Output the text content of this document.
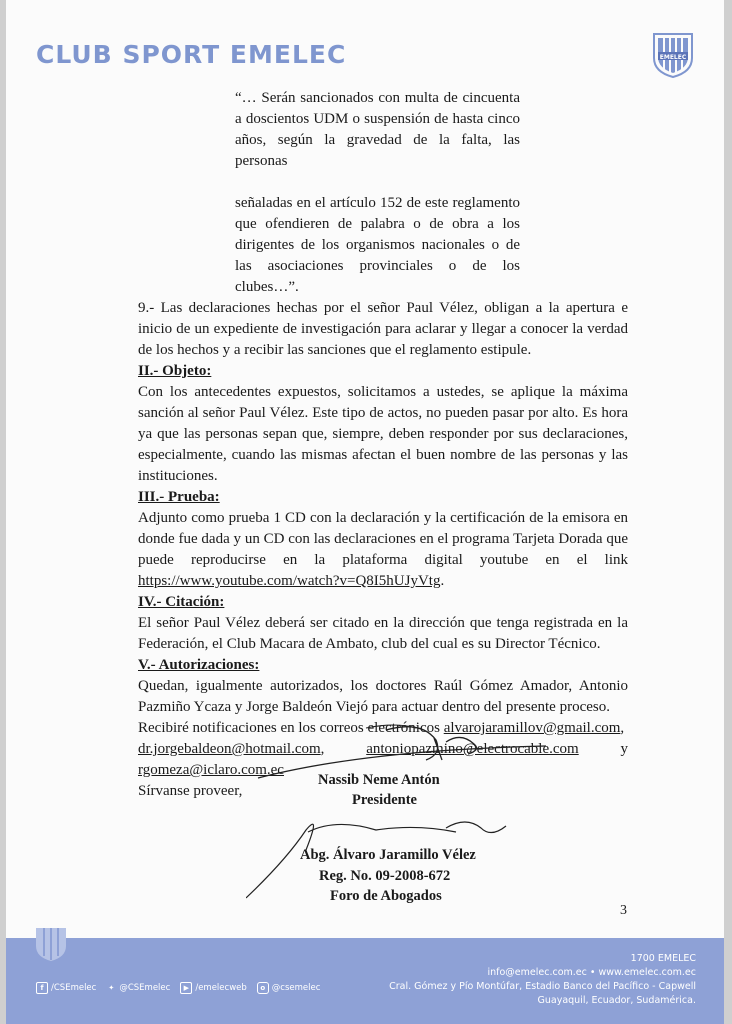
CLUB SPORT EMELEC	EMELEC

“… Serán sancionados con multa de cincuenta a doscientos UDM o suspensión de hasta cinco años, según la gravedad de la falta, las personas

señaladas en el artículo 152 de este reglamento que ofendieren de palabra o de obra a los dirigentes de los organismos nacionales o de las asociaciones provinciales o de los clubes…”.

9.- Las declaraciones hechas por el señor Paul Vélez, obligan a la apertura e inicio de un expediente de investigación para aclarar y llegar a conocer la verdad de los hechos y a recibir las sanciones que el reglamento estipule.

II.- Objeto:

Con los antecedentes expuestos, solicitamos a ustedes, se aplique la máxima sanción al señor Paul Vélez. Este tipo de actos, no pueden pasar por alto. Es hora ya que las personas sepan que, siempre, deben responder por sus declaraciones, especialmente, cuando las mismas afectan el buen nombre de las personas y las instituciones.

III.- Prueba:

Adjunto como prueba 1 CD con la declaración y la certificación de la emisora en donde fue dada y un CD con las declaraciones en el programa Tarjeta Dorada que puede reproducirse en la plataforma digital youtube en el link https://www.youtube.com/watch?v=Q8I5hUJyVtg.

IV.- Citación:

El señor Paul Vélez deberá ser citado en la dirección que tenga registrada en la Federación, el Club Macara de Ambato, club del cual es su Director Técnico.

V.- Autorizaciones:

Quedan, igualmente autorizados, los doctores Raúl Gómez Amador, Antonio Pazmiño Ycaza y Jorge Baldeón Viejó para actuar dentro del presente proceso.

Recibiré notificaciones en los correos electrónicos alvarojaramillov@gmail.com,

dr.jorgebaldeon@hotmail.com,	antoniopazmino@electrocable.com	y

rgomeza@iclaro.com.ec

Sírvanse proveer,

Nassib Neme Antón
Presidente
Abg. Álvaro Jaramillo Vélez
Reg. No. 09-2008-672
Foro de Abogados
3
f /CSEmelec ✦ @CSEmelec	▶ /emelecweb	o @csemelec
1700 EMELEC
info@emelec.com.ec • www.emelec.com.ec
Cral. Gómez y Pío Montúfar, Estadio Banco del Pacífico - Capwell
Guayaquil, Ecuador, Sudamérica.
